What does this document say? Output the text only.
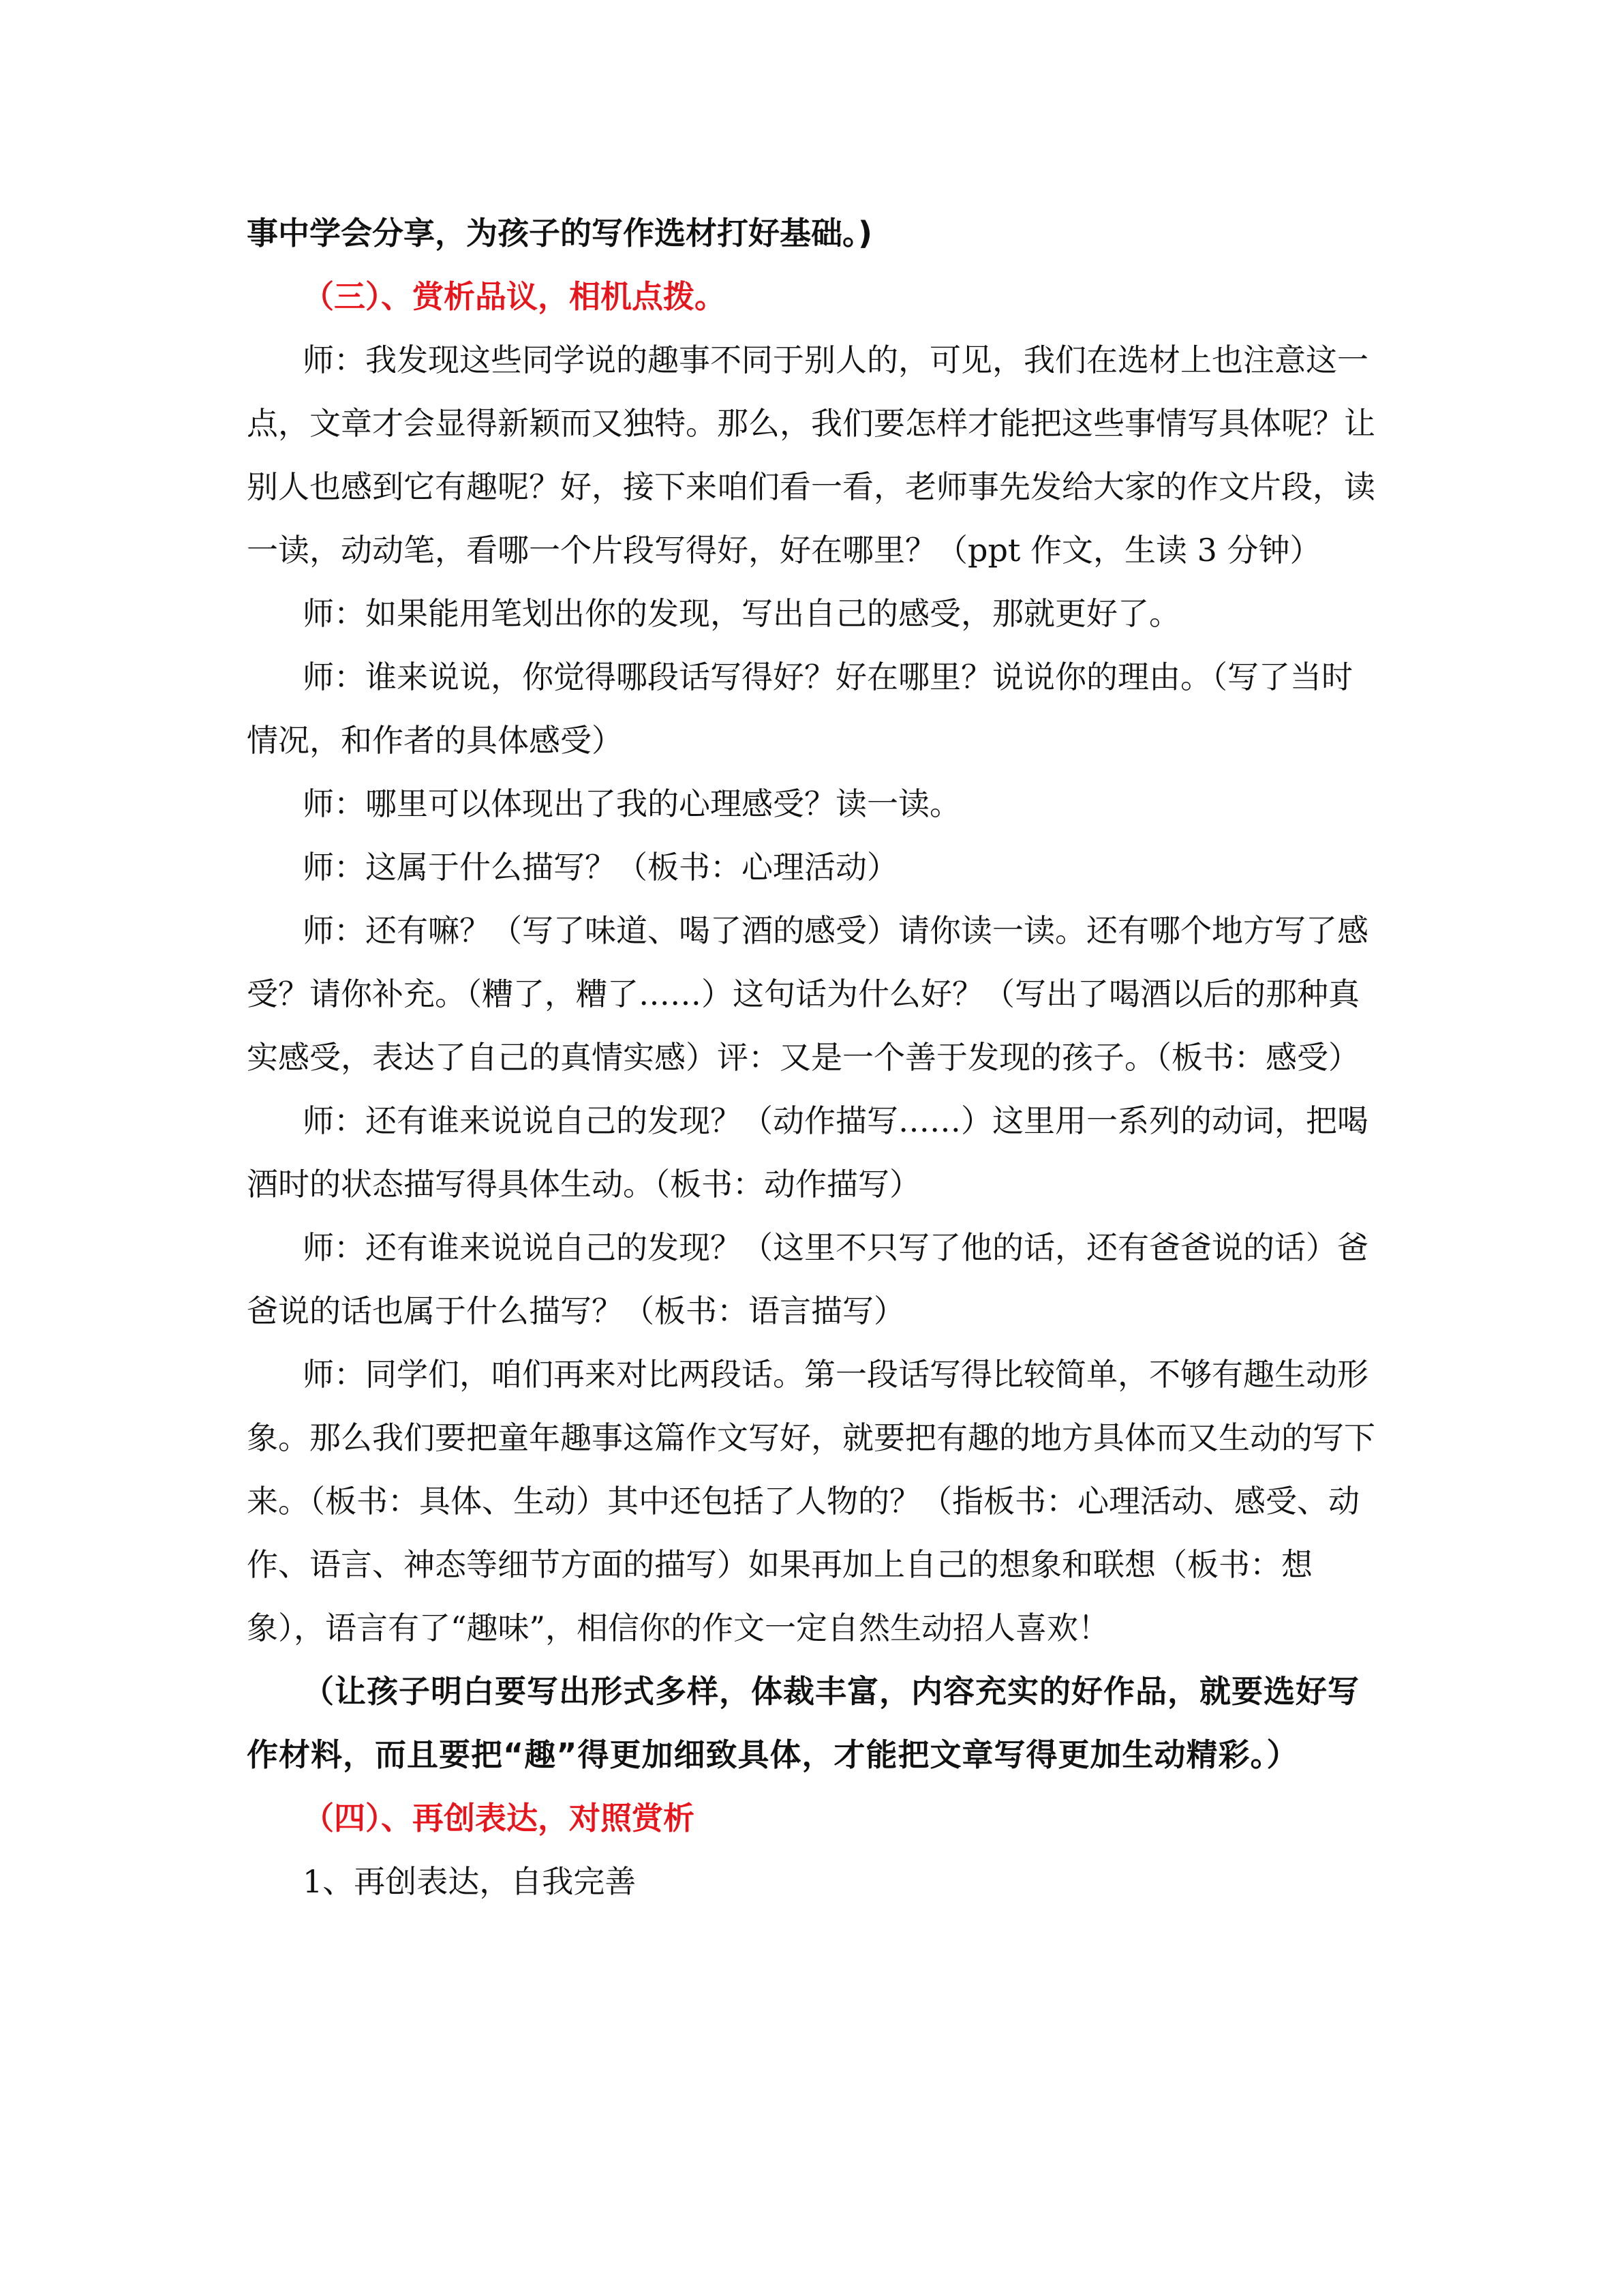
事中学会分享，为孩子的写作选材打好基础。)

（三）、赏析品议，相机点拨。

师：我发现这些同学说的趣事不同于别人的，可见，我们在选材上也注意这一点，文章才会显得新颖而又独特。那么，我们要怎样才能把这些事情写具体呢？让别人也感到它有趣呢？好，接下来咱们看一看，老师事先发给大家的作文片段，读一读，动动笔，看哪一个片段写得好，好在哪里？（ppt 作文，生读 3 分钟）

师：如果能用笔划出你的发现，写出自己的感受，那就更好了。

师：谁来说说，你觉得哪段话写得好？好在哪里？说说你的理由。（写了当时情况，和作者的具体感受）

师：哪里可以体现出了我的心理感受？读一读。

师：这属于什么描写？（板书：心理活动）

师：还有嘛？（写了味道、喝了酒的感受）请你读一读。还有哪个地方写了感受？请你补充。（糟了，糟了……）这句话为什么好？（写出了喝酒以后的那种真实感受，表达了自己的真情实感）评：又是一个善于发现的孩子。（板书：感受）

师：还有谁来说说自己的发现？（动作描写……）这里用一系列的动词，把喝酒时的状态描写得具体生动。（板书：动作描写）

师：还有谁来说说自己的发现？（这里不只写了他的话，还有爸爸说的话）爸爸说的话也属于什么描写？（板书：语言描写）

师：同学们，咱们再来对比两段话。第一段话写得比较简单，不够有趣生动形象。那么我们要把童年趣事这篇作文写好，就要把有趣的地方具体而又生动的写下来。（板书：具体、生动）其中还包括了人物的？（指板书：心理活动、感受、动作、语言、神态等细节方面的描写）如果再加上自己的想象和联想（板书：想象），语言有了“趣味”，相信你的作文一定自然生动招人喜欢！

（让孩子明白要写出形式多样，体裁丰富，内容充实的好作品，就要选好写作材料，而且要把“趣”得更加细致具体，才能把文章写得更加生动精彩。）

（四）、再创表达，对照赏析

1、再创表达，自我完善
